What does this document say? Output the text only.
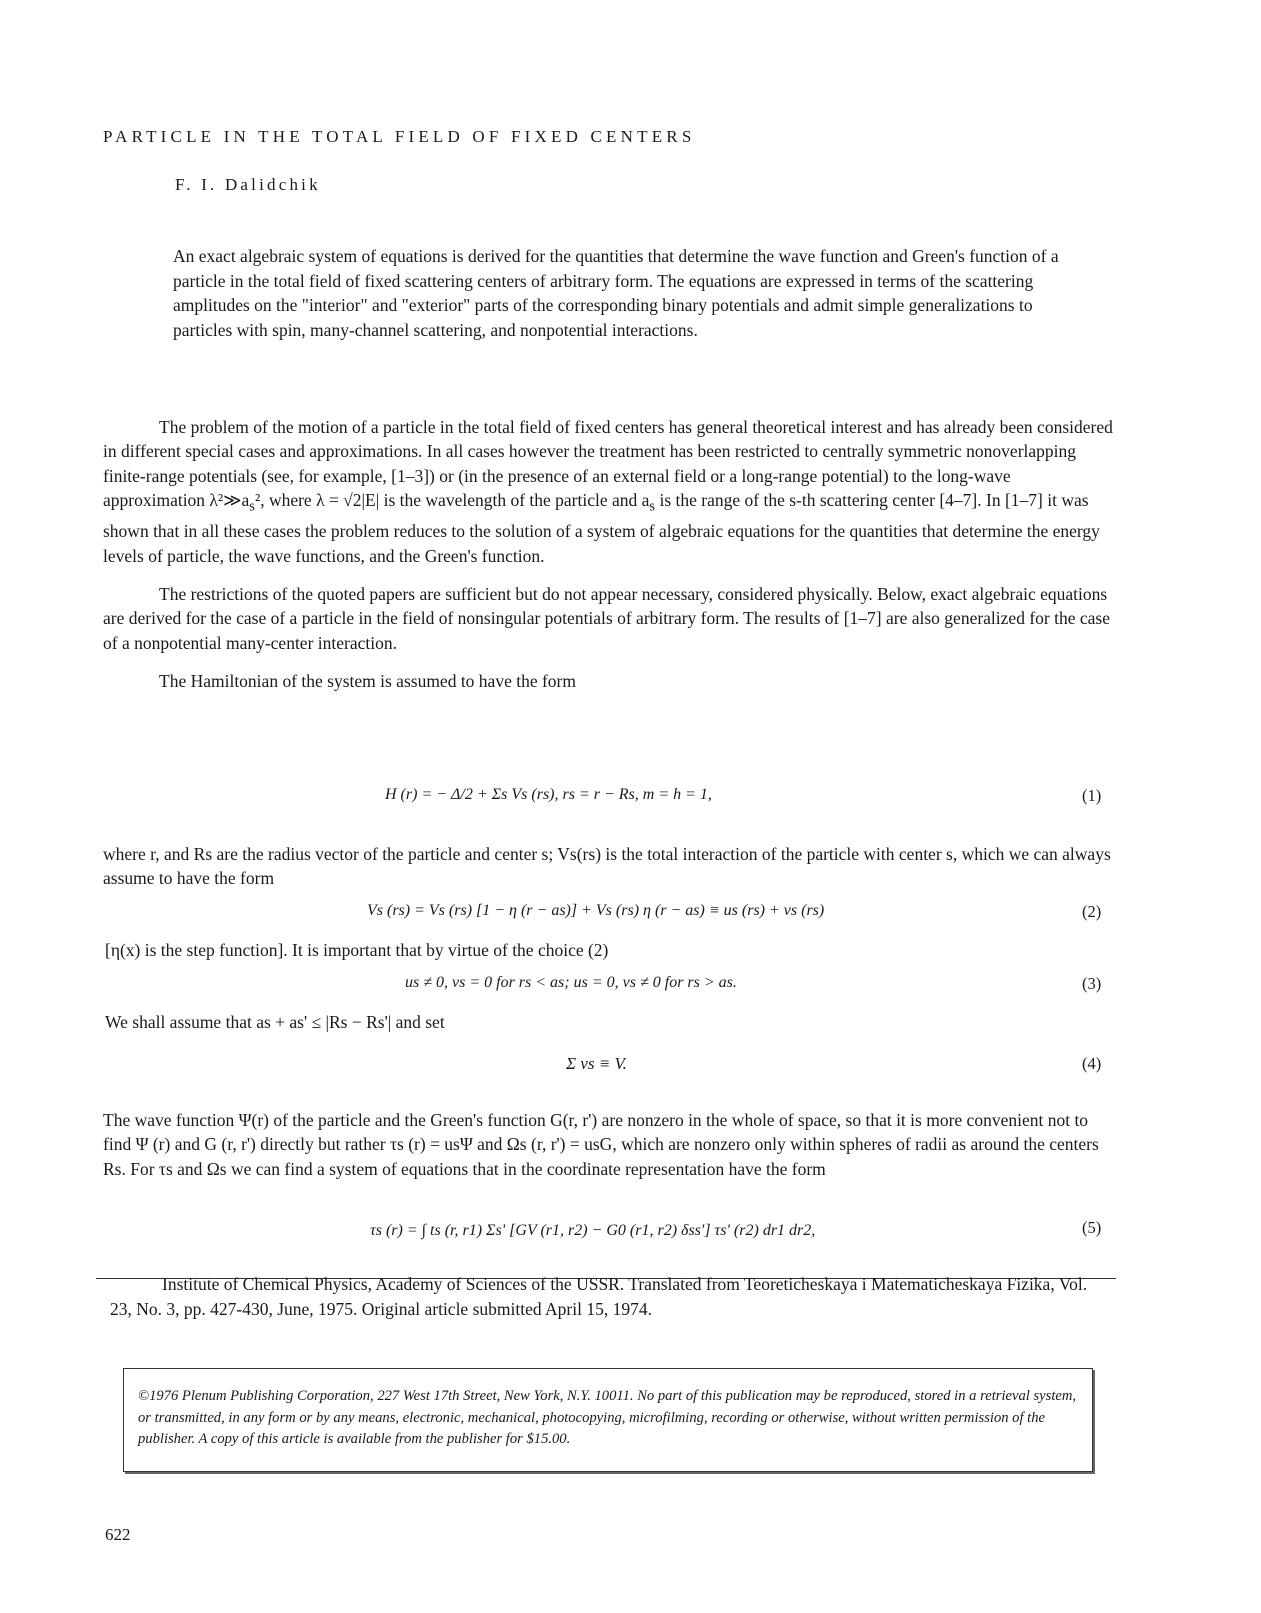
PARTICLE IN THE TOTAL FIELD OF FIXED CENTERS
F. I. Dalidchik

An exact algebraic system of equations is derived for the quantities that determine the wave function and Green's function of a particle in the total field of fixed scattering centers of arbitrary form. The equations are expressed in terms of the scattering amplitudes on the "interior" and "exterior" parts of the corresponding binary potentials and admit simple generalizations to particles with spin, many-channel scattering, and nonpotential interactions.

The problem of the motion of a particle in the total field of fixed centers has general theoretical interest and has already been considered in different special cases and approximations. In all cases however the treatment has been restricted to centrally symmetric nonoverlapping finite-range potentials (see, for example, [1–3]) or (in the presence of an external field or a long-range potential) to the long-wave approximation $\lambda^2≫a_s^2$, where λ = √2|E| is the wavelength of the particle and $a_s$ is the range of the s-th scattering center [4–7]. In [1–7] it was shown that in all these cases the problem reduces to the solution of a system of algebraic equations for the quantities that determine the energy levels of particle, the wave functions, and the Green's function.

The restrictions of the quoted papers are sufficient but do not appear necessary, considered physically. Below, exact algebraic equations are derived for the case of a particle in the field of nonsingular potentials of arbitrary form. The results of [1–7] are also generalized for the case of a nonpotential many-center interaction.

The Hamiltonian of the system is assumed to have the form

H (r) = − Δ/2 + Σs Vs (rs), rs = r − Rs, m = h = 1,	(1)

where r, and Rs are the radius vector of the particle and center s; Vs(rs) is the total interaction of the particle with center s, which we can always assume to have the form

Vs (rs) = Vs (rs) [1 − η (r − as)] + Vs (rs) η (r − as) ≡ us (rs) + vs (rs)	(2)
[η(x) is the step function]. It is important that by virtue of the choice (2)
us ≠ 0, vs = 0 for rs < as; us = 0, vs ≠ 0 for rs > as.	(3)
We shall assume that as + as' ≤ |Rs − Rs'| and set
Σ vs ≡ V.	(4)

The wave function Ψ(r) of the particle and the Green's function G(r, r') are nonzero in the whole of space, so that it is more convenient not to find Ψ (r) and G (r, r') directly but rather τs (r) = usΨ and Ωs (r, r') = usG, which are nonzero only within spheres of radii as around the centers Rs. For τs and Ωs we can find a system of equations that in the coordinate representation have the form

τs (r) = ∫ ts (r, r1) Σs' [GV (r1, r2) − G0 (r1, r2) δss'] τs' (r2) dr1 dr2,	(5)
Institute of Chemical Physics, Academy of Sciences of the USSR. Translated from Teoreticheskaya i Matematicheskaya Fizika, Vol. 23, No. 3, pp. 427-430, June, 1975. Original article submitted April 15, 1974.
©1976 Plenum Publishing Corporation, 227 West 17th Street, New York, N.Y. 10011. No part of this publication may be reproduced, stored in a retrieval system, or transmitted, in any form or by any means, electronic, mechanical, photocopying, microfilming, recording or otherwise, without written permission of the publisher. A copy of this article is available from the publisher for $15.00.
622
